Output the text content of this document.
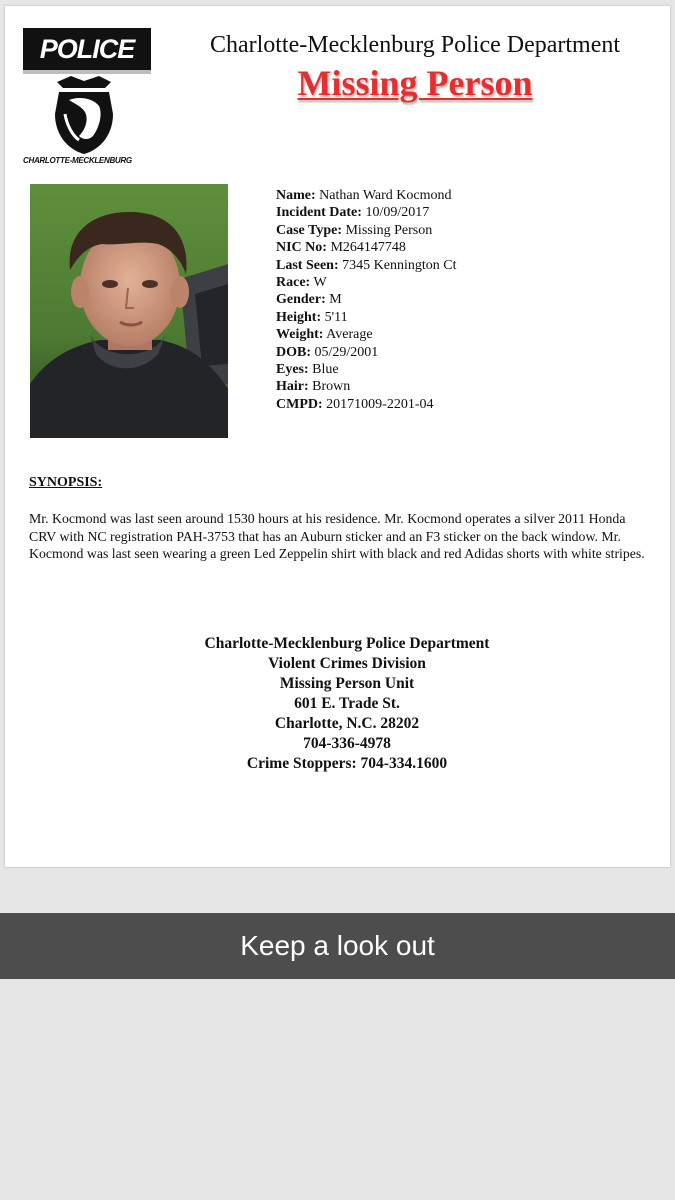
POLICE
CHARLOTTE-MECKLENBURG
Charlotte-Mecklenburg Police Department
Missing Person
Name: Nathan Ward Kocmond
Incident Date: 10/09/2017
Case Type: Missing Person
NIC No: M264147748
Last Seen: 7345 Kennington Ct
Race: W
Gender: M
Height: 5'11
Weight: Average
DOB: 05/29/2001
Eyes: Blue
Hair: Brown
CMPD: 20171009-2201-04
SYNOPSIS:
Mr. Kocmond was last seen around 1530 hours at his residence. Mr. Kocmond operates a silver 2011 Honda CRV with NC registration PAH-3753 that has an Auburn sticker and an F3 sticker on the back window. Mr. Kocmond was last seen wearing a green Led Zeppelin shirt with black and red Adidas shorts with white stripes.
Charlotte-Mecklenburg Police Department
Violent Crimes Division
Missing Person Unit
601 E. Trade St.
Charlotte, N.C. 28202
704-336-4978
Crime Stoppers: 704-334.1600
Keep a look out
